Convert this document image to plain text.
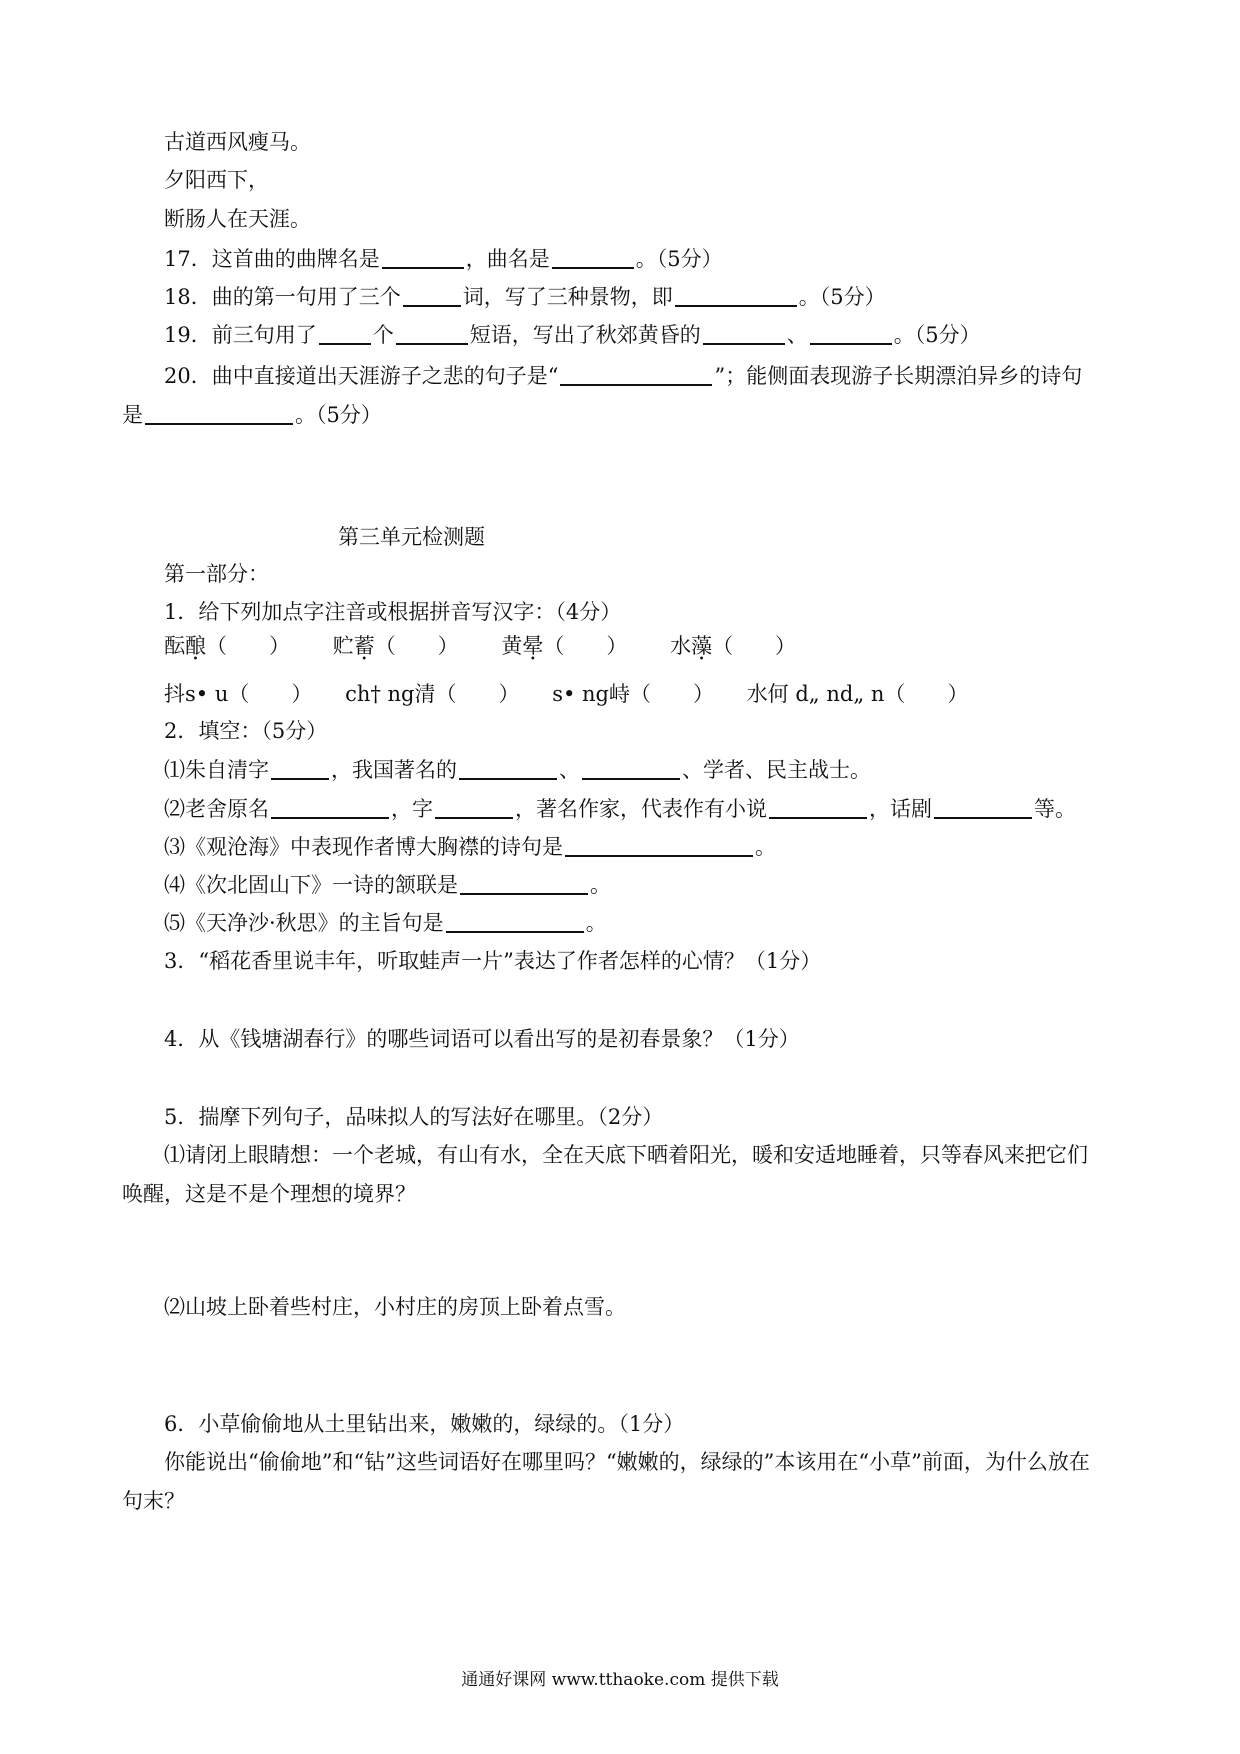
古道西风瘦马。
夕阳西下，
断肠人在天涯。
17．这首曲的曲牌名是	，曲名是	。（5分）
18．曲的第一句用了三个	词，写了三种景物，即	。（5分）
19．前三句用了	个	短语，写出了秋郊黄昏的	、	。（5分）
20．曲中直接道出天涯游子之悲的句子是“	”；能侧面表现游子长期漂泊异乡的诗句
是	。（5分）
第三单元检测题
第一部分：
1．给下列加点字注音或根据拼音写汉字：（4分）
酝酿（　　） 贮蓄（　　） 黄晕（　　） 水藻（　　）
抖s• u（　　） ch† ng清（　　） s• ng峙（　　） 水何 d„ nd„ n（　　）
2．填空：（5分）
⑴朱自清字	，我国著名的	、	、学者、民主战士。
⑵老舍原名	，字	，著名作家，代表作有小说	，话剧	等。
⑶《观沧海》中表现作者博大胸襟的诗句是	。
⑷《次北固山下》一诗的颔联是	。
⑸《天净沙·秋思》的主旨句是	。
3．“稻花香里说丰年，听取蛙声一片”表达了作者怎样的心情？（1分）
4．从《钱塘湖春行》的哪些词语可以看出写的是初春景象？（1分）
5．揣摩下列句子，品味拟人的写法好在哪里。（2分）
⑴请闭上眼睛想：一个老城，有山有水，全在天底下晒着阳光，暖和安适地睡着，只等春风来把它们
唤醒，这是不是个理想的境界？
⑵山坡上卧着些村庄，小村庄的房顶上卧着点雪。
6．小草偷偷地从土里钻出来，嫩嫩的，绿绿的。（1分）
你能说出“偷偷地”和“钻”这些词语好在哪里吗？“嫩嫩的，绿绿的”本该用在“小草”前面，为什么放在
句末？
通通好课网 www.tthaoke.com 提供下载
